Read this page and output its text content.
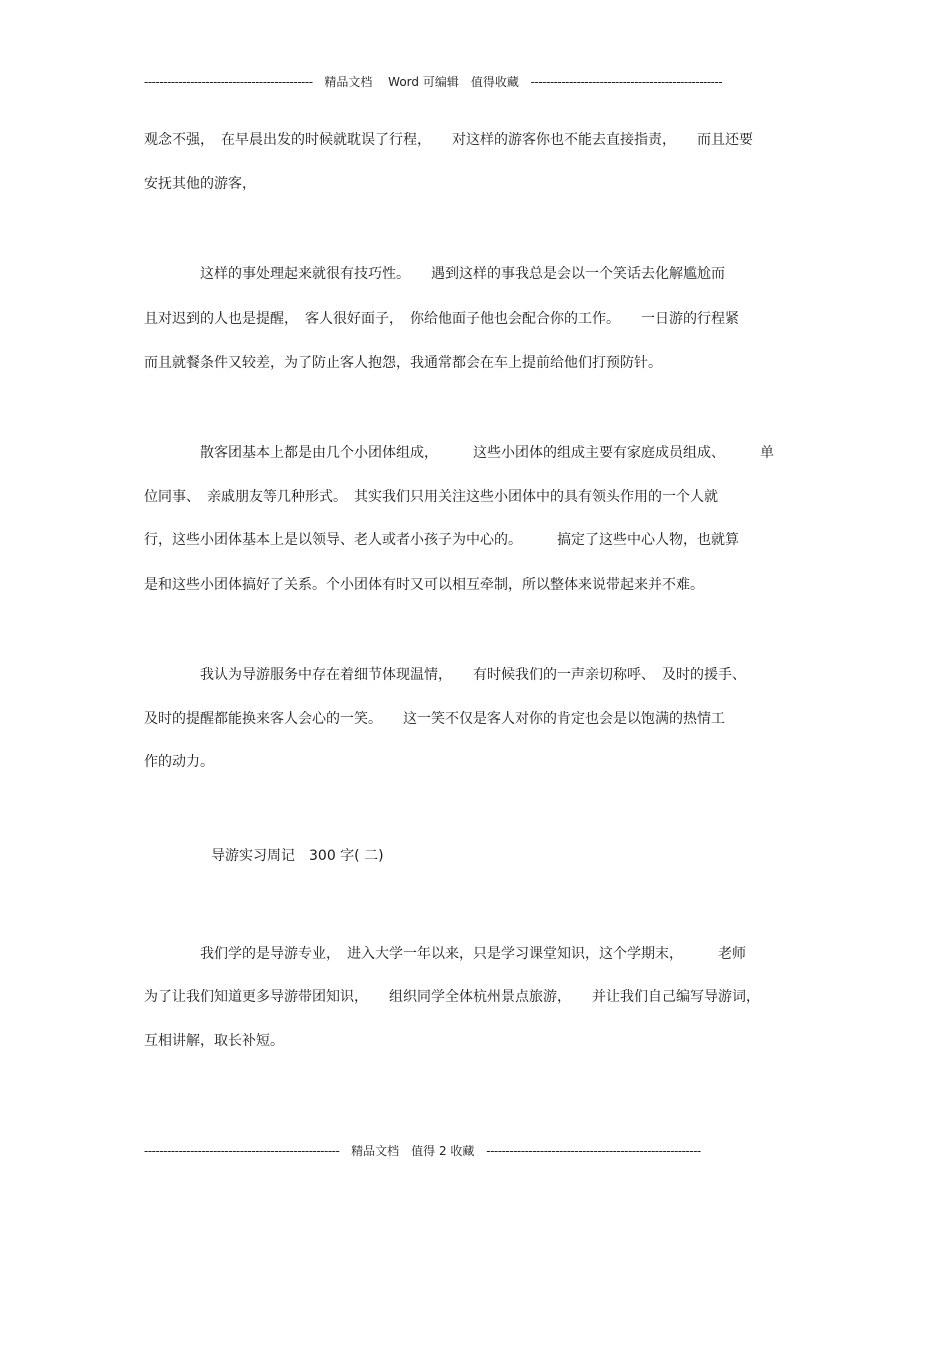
-------------------------------------------- 精品文档　 Word 可编辑　值得收藏 --------------------------------------------------
观念不强，　在早晨出发的时候就耽误了行程，　　对这样的游客你也不能去直接指责，　　而且还要
安抚其他的游客，
　　　　这样的事处理起来就很有技巧性。　　遇到这样的事我总是会以一个笑话去化解尴尬而
且对迟到的人也是提醒，　客人很好面子，　你给他面子他也会配合你的工作。　　一日游的行程紧
而且就餐条件又较差，为了防止客人抱怨，我通常都会在车上提前给他们打预防针。
　　　　散客团基本上都是由几个小团体组成，　　　这些小团体的组成主要有家庭成员组成、　　　单
位同事、　亲戚朋友等几种形式。　其实我们只用关注这些小团体中的具有领头作用的一个人就
行，这些小团体基本上是以领导、老人或者小孩子为中心的。　　　搞定了这些中心人物，也就算
是和这些小团体搞好了关系。个小团体有时又可以相互牵制，所以整体来说带起来并不难。
　　　　我认为导游服务中存在着细节体现温情，　　有时候我们的一声亲切称呼、　及时的援手、
及时的提醒都能换来客人会心的一笑。　　这一笑不仅是客人对你的肯定也会是以饱满的热情工
作的动力。
导游实习周记　300 字( 二)
　　　　我们学的是导游专业，　进入大学一年以来，只是学习课堂知识，这个学期末，　　　老师
为了让我们知道更多导游带团知识，　　组织同学全体杭州景点旅游，　　并让我们自己编写导游词，
互相讲解，取长补短。
--------------------------------------------------- 精品文档　值得 2 收藏 --------------------------------------------------------
